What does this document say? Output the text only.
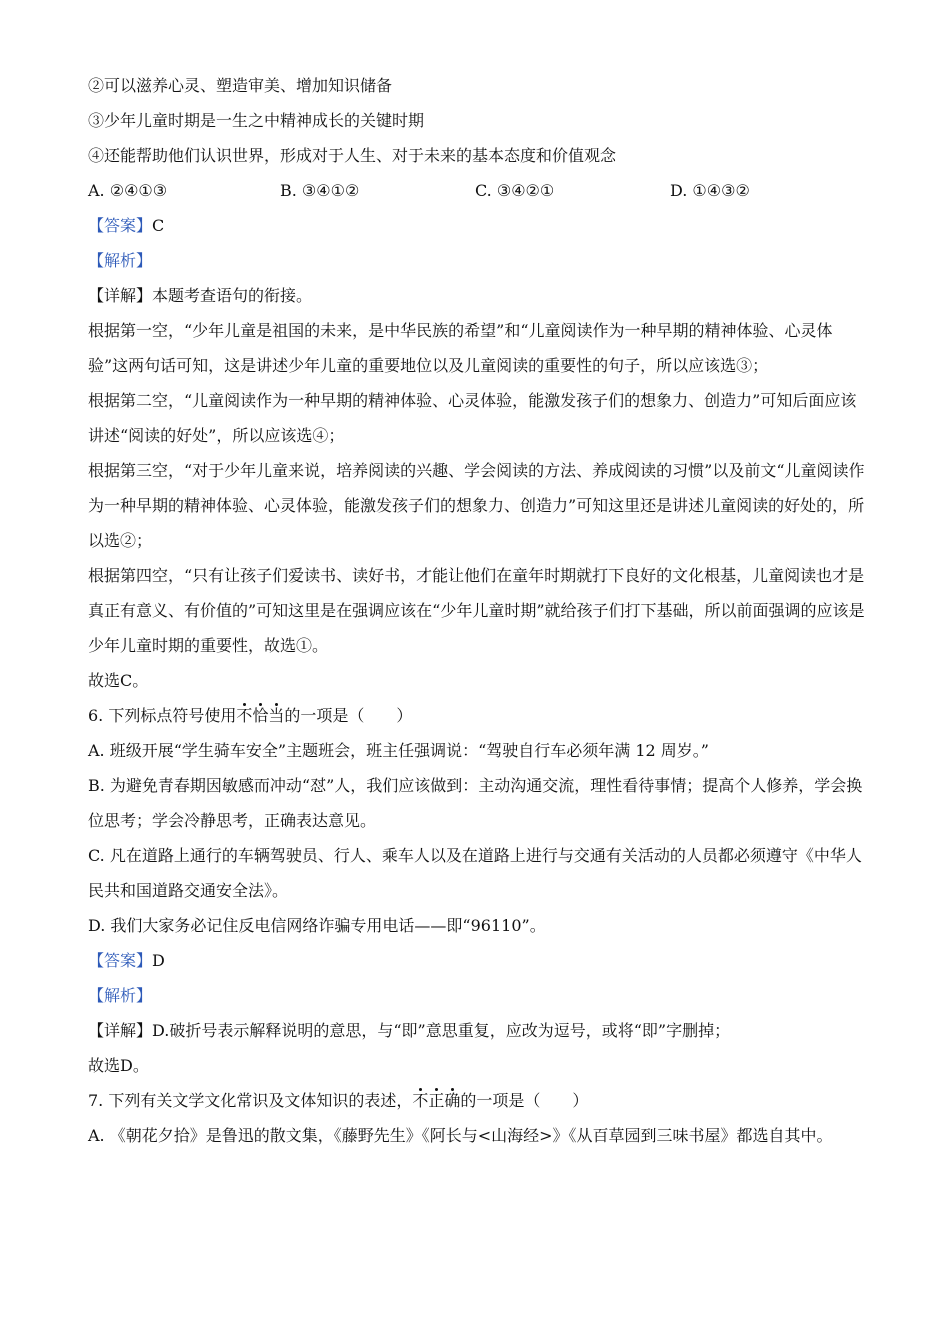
②可以滋养心灵、塑造审美、增加知识储备
③少年儿童时期是一生之中精神成长的关键时期
④还能帮助他们认识世界，形成对于人生、对于未来的基本态度和价值观念
A. ②④①③	B. ③④①②	C. ③④②①	D. ①④③②
【答案】C
【解析】
【详解】本题考查语句的衔接。
根据第一空，“少年儿童是祖国的未来，是中华民族的希望”和“儿童阅读作为一种早期的精神体验、心灵体验”这两句话可知，这是讲述少年儿童的重要地位以及儿童阅读的重要性的句子，所以应该选③；
根据第二空，“儿童阅读作为一种早期的精神体验、心灵体验，能激发孩子们的想象力、创造力”可知后面应该讲述“阅读的好处”，所以应该选④；
根据第三空，“对于少年儿童来说，培养阅读的兴趣、学会阅读的方法、养成阅读的习惯”以及前文“儿童阅读作为一种早期的精神体验、心灵体验，能激发孩子们的想象力、创造力”可知这里还是讲述儿童阅读的好处的，所以选②；
根据第四空，“只有让孩子们爱读书、读好书，才能让他们在童年时期就打下良好的文化根基，儿童阅读也才是真正有意义、有价值的”可知这里是在强调应该在“少年儿童时期”就给孩子们打下基础，所以前面强调的应该是少年儿童时期的重要性，故选①。
故选C。
6. 下列标点符号使用不恰当的一项是（　　）
A. 班级开展“学生骑车安全”主题班会，班主任强调说：“驾驶自行车必须年满 12 周岁。”
B. 为避免青春期因敏感而冲动“怼”人，我们应该做到：主动沟通交流，理性看待事情；提高个人修养，学会换位思考；学会冷静思考，正确表达意见。
C. 凡在道路上通行的车辆驾驶员、行人、乘车人以及在道路上进行与交通有关活动的人员都必须遵守《中华人民共和国道路交通安全法》。
D. 我们大家务必记住反电信网络诈骗专用电话——即“96110”。
【答案】D
【解析】
【详解】D.破折号表示解释说明的意思，与“即”意思重复，应改为逗号，或将“即”字删掉；
故选D。
7. 下列有关文学文化常识及文体知识的表述，不正确的一项是（　　）
A. 《朝花夕拾》是鲁迅的散文集，《藤野先生》《阿长与<山海经>》《从百草园到三味书屋》都选自其中。
